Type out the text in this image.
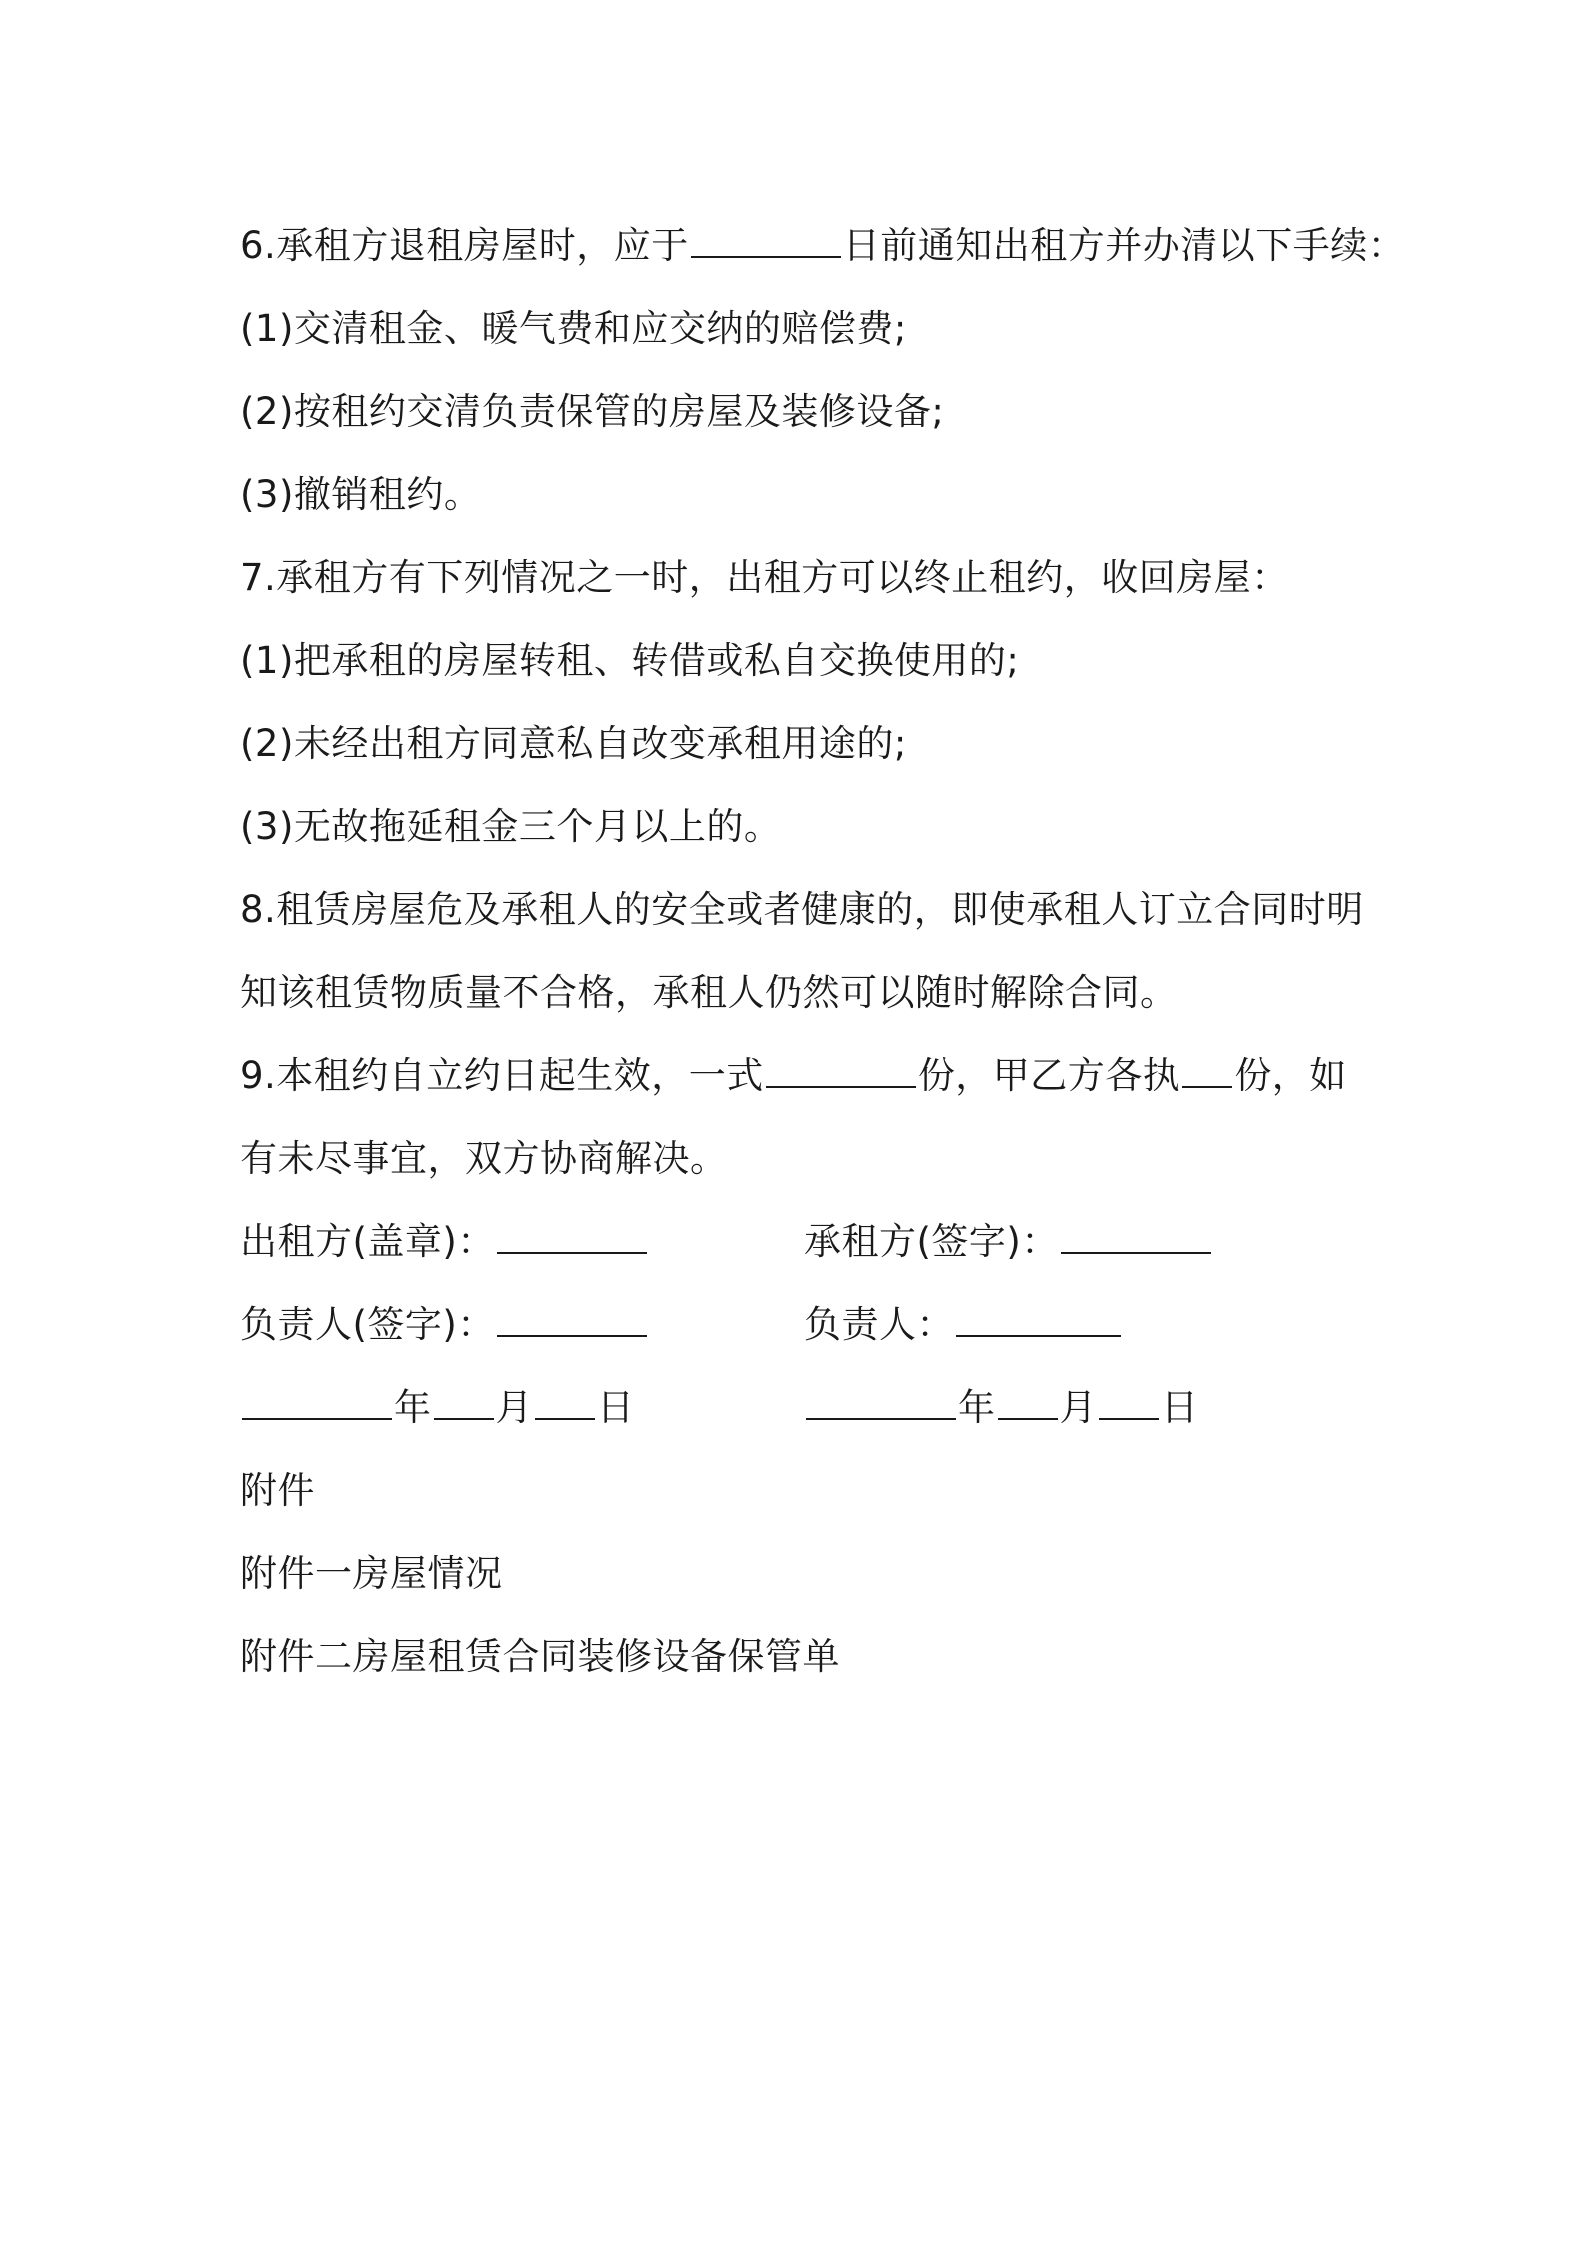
6.承租方退租房屋时，应于	日前通知出租方并办清以下手续：
(1)交清租金、暖气费和应交纳的赔偿费;
(2)按租约交清负责保管的房屋及装修设备;
(3)撤销租约。
7.承租方有下列情况之一时，出租方可以终止租约，收回房屋：
(1)把承租的房屋转租、转借或私自交换使用的;
(2)未经出租方同意私自改变承租用途的;
(3)无故拖延租金三个月以上的。
8.租赁房屋危及承租人的安全或者健康的，即使承租人订立合同时明
知该租赁物质量不合格，承租人仍然可以随时解除合同。
9.本租约自立约日起生效，一式	份，甲乙方各执 份，如
有未尽事宜，双方协商解决。
出租方(盖章)：	承租方(签字)：
负责人(签字)：	负责人：
年 月 日	年 月 日
附件
附件一房屋情况
附件二房屋租赁合同装修设备保管单
